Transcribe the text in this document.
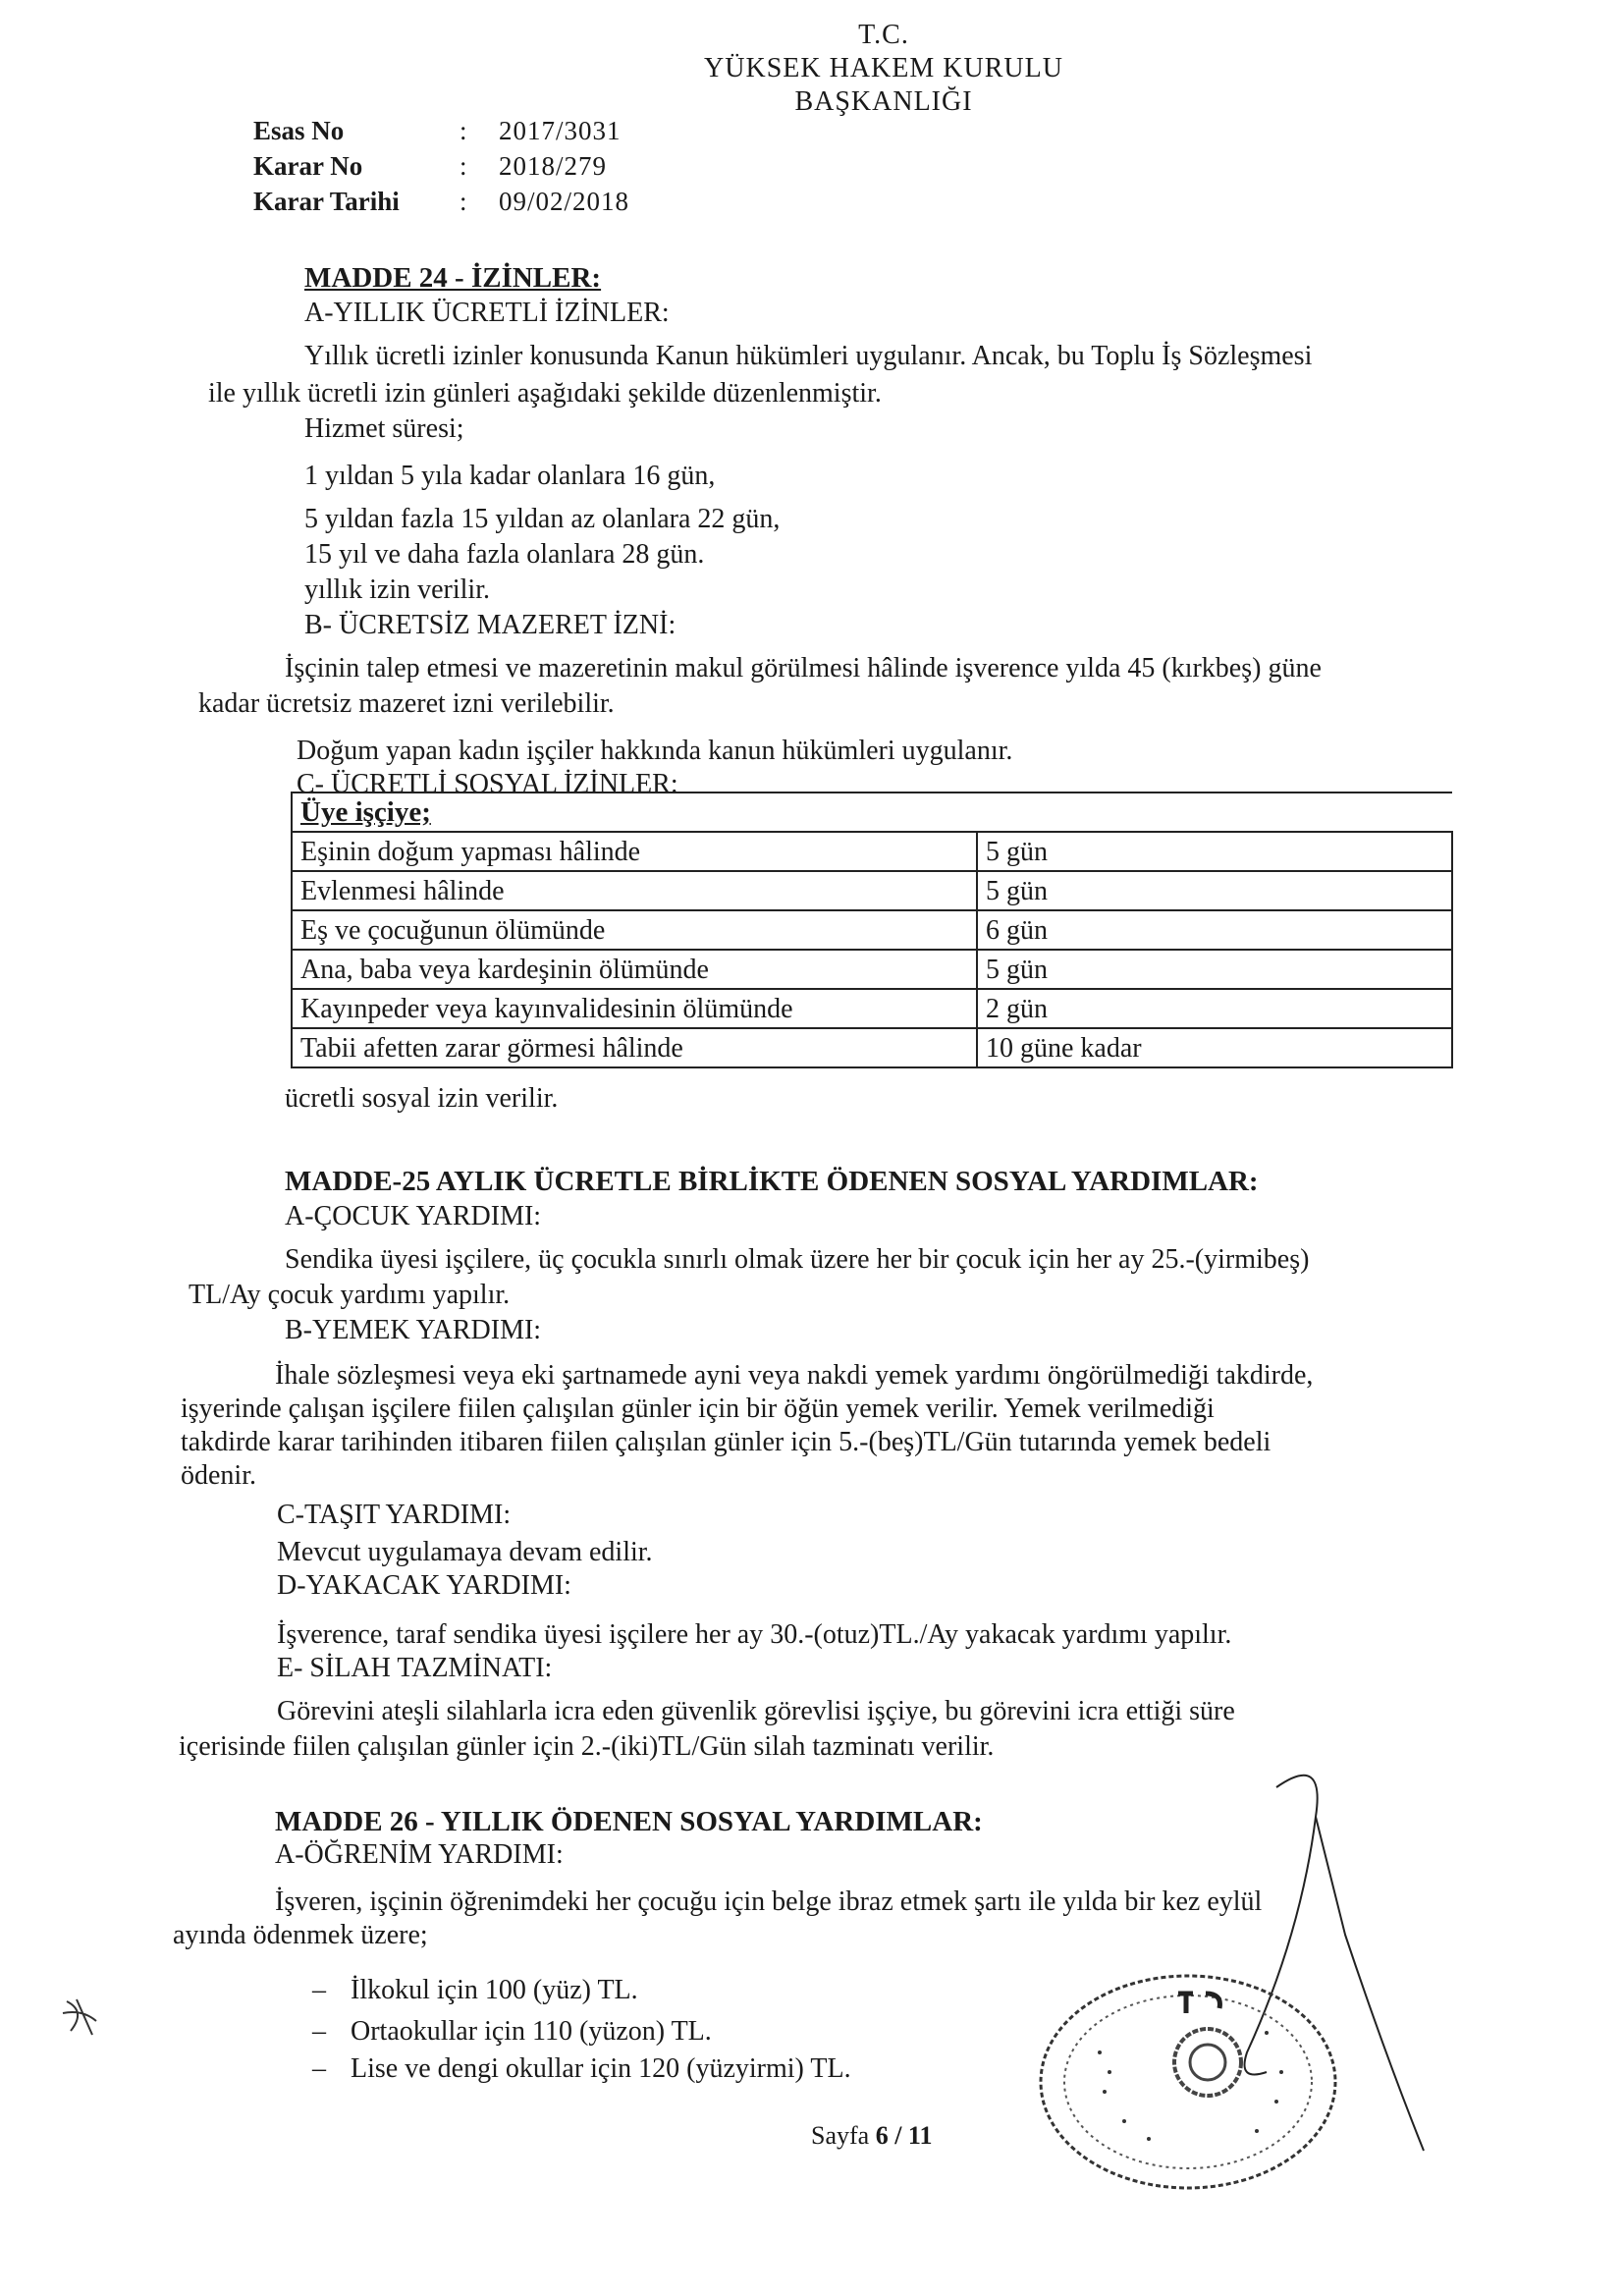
T.C.
YÜKSEK HAKEM KURULU
BAŞKANLIĞI
Esas No	: 2017/3031
Karar No	: 2018/279
Karar Tarihi : 09/02/2018
MADDE 24 - İZİNLER:
A-YILLIK ÜCRETLİ İZİNLER:
Yıllık ücretli izinler konusunda Kanun hükümleri uygulanır. Ancak, bu Toplu İş Sözleşmesi
ile yıllık ücretli izin günleri aşağıdaki şekilde düzenlenmiştir.
Hizmet süresi;
1 yıldan 5 yıla kadar olanlara 16 gün,
5 yıldan fazla 15 yıldan az olanlara 22 gün,
15 yıl ve daha fazla olanlara 28 gün.
yıllık izin verilir.
B- ÜCRETSİZ MAZERET İZNİ:
İşçinin talep etmesi ve mazeretinin makul görülmesi hâlinde işverence yılda 45 (kırkbeş) güne
kadar ücretsiz mazeret izni verilebilir.
Doğum yapan kadın işçiler hakkında kanun hükümleri uygulanır.
C- ÜCRETLİ SOSYAL İZİNLER:
Üye işçiye;	
Eşinin doğum yapması hâlinde	5 gün
Evlenmesi hâlinde	5 gün
Eş ve çocuğunun ölümünde	6 gün
Ana, baba veya kardeşinin ölümünde	5 gün
Kayınpeder veya kayınvalidesinin ölümünde	2 gün
Tabii afetten zarar görmesi hâlinde	10 güne kadar
ücretli sosyal izin verilir.
MADDE-25 AYLIK ÜCRETLE BİRLİKTE ÖDENEN SOSYAL YARDIMLAR:
A-ÇOCUK YARDIMI:
Sendika üyesi işçilere, üç çocukla sınırlı olmak üzere her bir çocuk için her ay 25.-(yirmibeş)
TL/Ay çocuk yardımı yapılır.
B-YEMEK YARDIMI:
İhale sözleşmesi veya eki şartnamede ayni veya nakdi yemek yardımı öngörülmediği takdirde,
işyerinde çalışan işçilere fiilen çalışılan günler için bir öğün yemek verilir. Yemek verilmediği
takdirde karar tarihinden itibaren fiilen çalışılan günler için 5.-(beş)TL/Gün tutarında yemek bedeli
ödenir.
C-TAŞIT YARDIMI:
Mevcut uygulamaya devam edilir.
D-YAKACAK YARDIMI:
İşverence, taraf sendika üyesi işçilere her ay 30.-(otuz)TL./Ay yakacak yardımı yapılır.
E- SİLAH TAZMİNATI:
Görevini ateşli silahlarla icra eden güvenlik görevlisi işçiye, bu görevini icra ettiği süre
içerisinde fiilen çalışılan günler için 2.-(iki)TL/Gün silah tazminatı verilir.
MADDE 26 - YILLIK ÖDENEN SOSYAL YARDIMLAR:
A-ÖĞRENİM YARDIMI:
İşveren, işçinin öğrenimdeki her çocuğu için belge ibraz etmek şartı ile yılda bir kez eylül
ayında ödenmek üzere;
– İlkokul için 100 (yüz) TL.
– Ortaokullar için 110 (yüzon) TL.
– Lise ve dengi okullar için 120 (yüzyirmi) TL.
Sayfa 6 / 11
